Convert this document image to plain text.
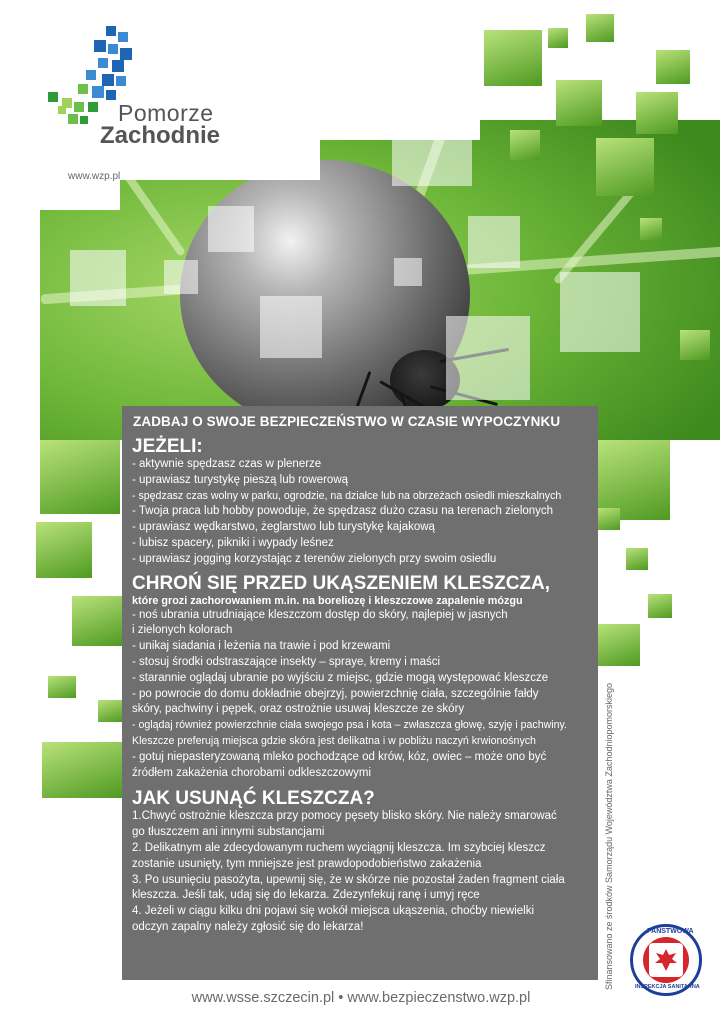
Pomorze
Zachodnie
www.wzp.pl
ZADBAJ O SWOJE BEZPIECZEŃSTWO W CZASIE WYPOCZYNKU
JEŻELI:
- aktywnie spędzasz czas w plenerze
- uprawiasz turystykę pieszą lub rowerową
- spędzasz czas wolny w parku, ogrodzie, na działce lub na obrzeżach osiedli mieszkalnych
- Twoja praca lub hobby powoduje, że spędzasz dużo czasu na terenach zielonych
- uprawiasz wędkarstwo, żeglarstwo lub turystykę kajakową
- lubisz spacery, pikniki i wypady leśnez
- uprawiasz jogging korzystając z terenów zielonych przy swoim osiedlu
CHROŃ SIĘ PRZED UKĄSZENIEM KLESZCZA,
które grozi zachorowaniem m.in. na boreliozę i kleszczowe zapalenie mózgu
- noś ubrania utrudniające kleszczom dostęp do skóry, najlepiej w jasnych
i zielonych kolorach
- unikaj siadania i leżenia na trawie i pod krzewami
- stosuj środki odstraszające insekty – spraye, kremy i maści
- starannie oglądaj ubranie po wyjściu z miejsc, gdzie mogą występować kleszcze
- po powrocie do domu dokładnie obejrzyj, powierzchnię ciała, szczególnie fałdy
skóry, pachwiny i pępek, oraz ostrożnie usuwaj kleszcze ze skóry
- oglądaj również powierzchnie ciała swojego psa i kota – zwłaszcza głowę, szyję i pachwiny.
Kleszcze preferują miejsca gdzie skóra jest delikatna i w pobliżu naczyń krwionośnych
- gotuj niepasteryzowaną mleko pochodzące od krów, kóz, owiec – może ono być
źródłem zakażenia chorobami odkleszczowymi
JAK USUNĄĆ KLESZCZA?
1.Chwyć ostrożnie kleszcza przy pomocy pęsety blisko skóry. Nie należy smarować
go tłuszczem ani innymi substancjami
2. Delikatnym ale zdecydowanym ruchem wyciągnij kleszcza. Im szybciej kleszcz
zostanie usunięty, tym mniejsze jest prawdopodobieństwo zakażenia
3. Po usunięciu pasożyta, upewnij się, że w skórze nie pozostał żaden fragment ciała
kleszcza. Jeśli tak, udaj się do lekarza. Zdezynfekuj ranę i umyj ręce
4. Jeżeli w ciągu kilku dni pojawi się wokół miejsca ukąszenia, choćby niewielki
odczyn zapalny należy zgłosić się do lekarza!
www.wsse.szczecin.pl • www.bezpieczenstwo.wzp.pl
Sfinansowano ze środków Samorządu Województwa Zachodniopomorskiego	PAŃSTWOWA
INSPEKCJA SANITARNA
